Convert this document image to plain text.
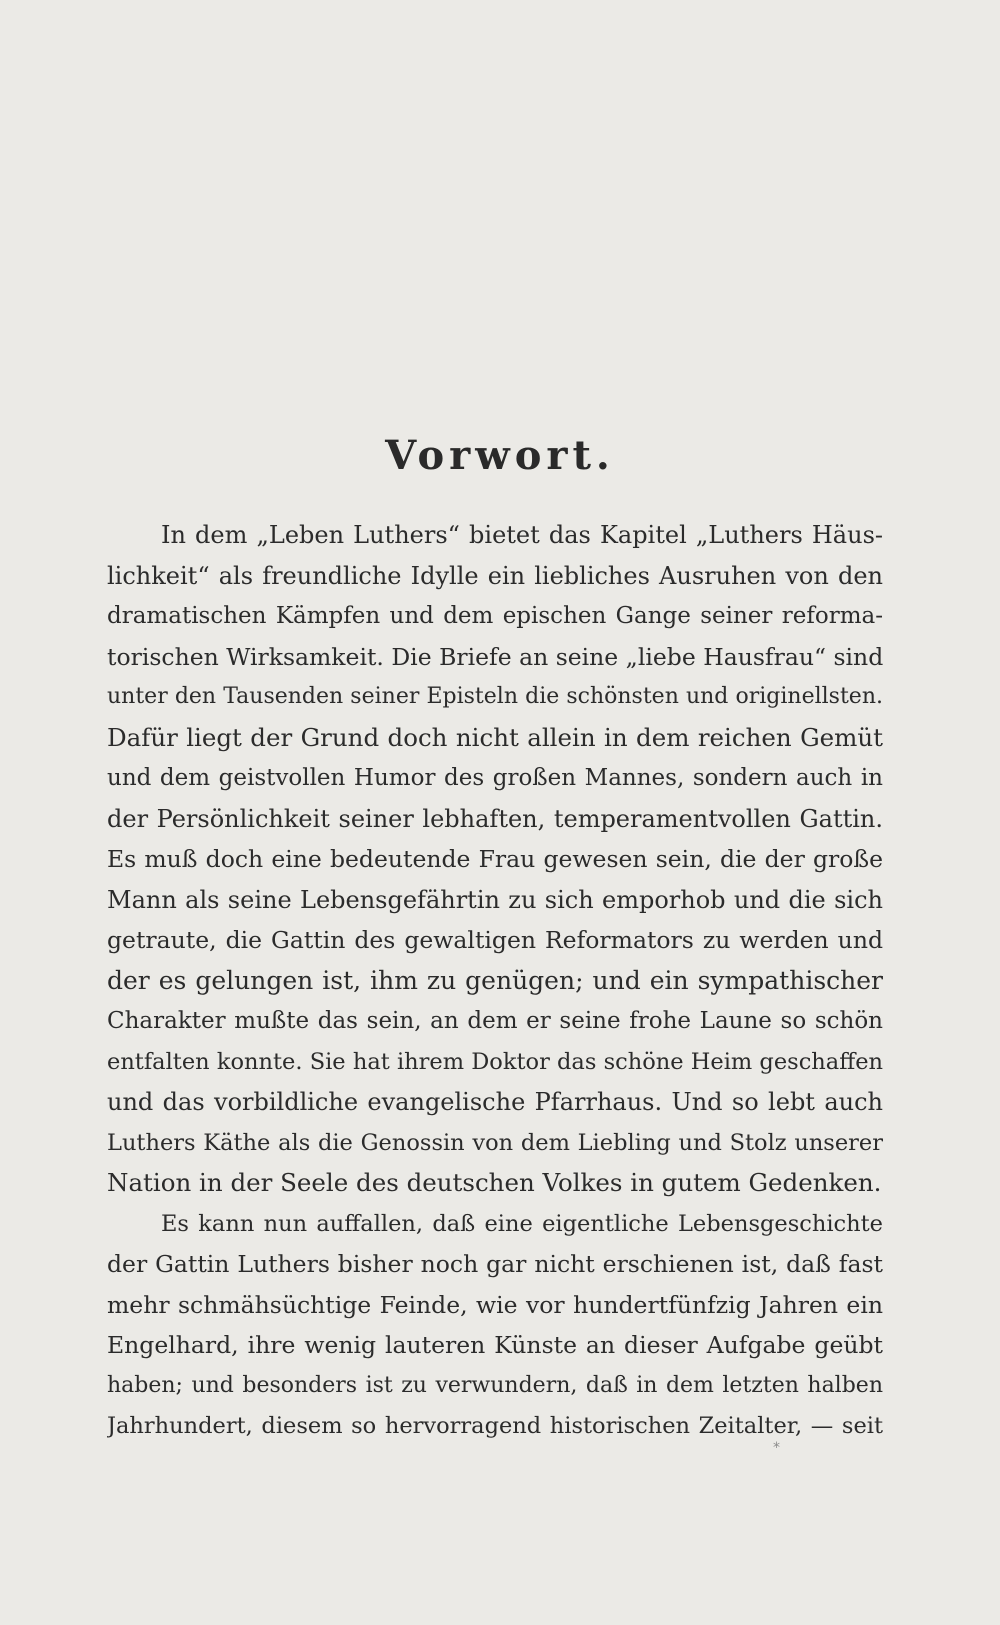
Vorwort.
In dem „Leben Luthers“ bietet das Kapitel „Luthers Häus-
lichkeit“ als freundliche Idylle ein liebliches Ausruhen von den
dramatischen Kämpfen und dem epischen Gange seiner reforma-
torischen Wirksamkeit. Die Briefe an seine „liebe Hausfrau“ sind
unter den Tausenden seiner Episteln die schönsten und originellsten.
Dafür liegt der Grund doch nicht allein in dem reichen Gemüt
und dem geistvollen Humor des großen Mannes, sondern auch in
der Persönlichkeit seiner lebhaften, temperamentvollen Gattin.
Es muß doch eine bedeutende Frau gewesen sein, die der große
Mann als seine Lebensgefährtin zu sich emporhob und die sich
getraute, die Gattin des gewaltigen Reformators zu werden und
der es gelungen ist, ihm zu genügen; und ein sympathischer
Charakter mußte das sein, an dem er seine frohe Laune so schön
entfalten konnte. Sie hat ihrem Doktor das schöne Heim geschaffen
und das vorbildliche evangelische Pfarrhaus. Und so lebt auch
Luthers Käthe als die Genossin von dem Liebling und Stolz unserer
Nation in der Seele des deutschen Volkes in gutem Gedenken.
Es kann nun auffallen, daß eine eigentliche Lebensgeschichte
der Gattin Luthers bisher noch gar nicht erschienen ist, daß fast
mehr schmähsüchtige Feinde, wie vor hundertfünfzig Jahren ein
Engelhard, ihre wenig lauteren Künste an dieser Aufgabe geübt
haben; und besonders ist zu verwundern, daß in dem letzten halben
Jahrhundert, diesem so hervorragend historischen Zeitalter, — seit
*
